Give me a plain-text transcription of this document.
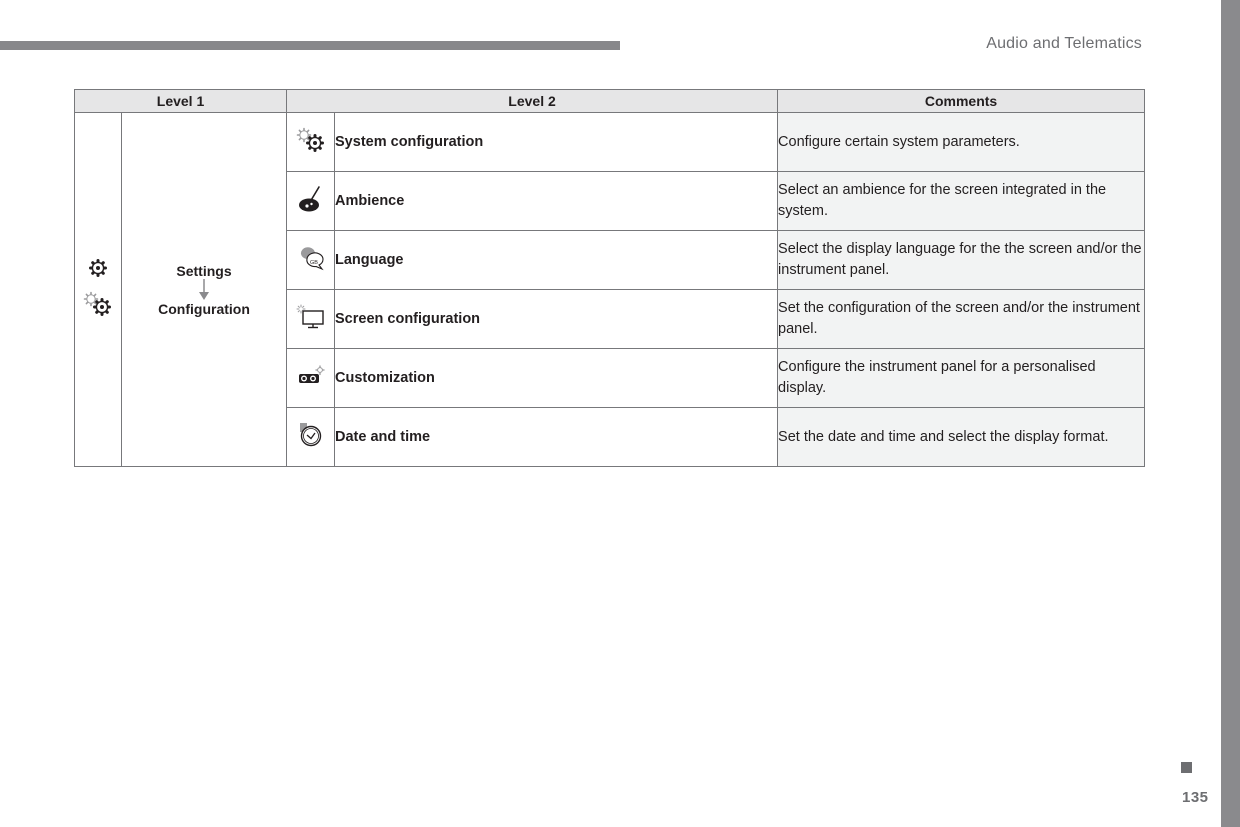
Audio and Telematics
Level 1		Level 2		Comments

Settings
Configuration		System configuration	Configure certain system parameters.
	Ambience	Select an ambience for the screen integrated in the system.

GB	Language	Select the display language for the the screen and/or the instrument panel.
	Screen configuration	Set the configuration of the screen and/or the instrument panel.
	Customization	Configure the instrument panel for a personalised display.
	Date and time	Set the date and time and select the display format.
135
